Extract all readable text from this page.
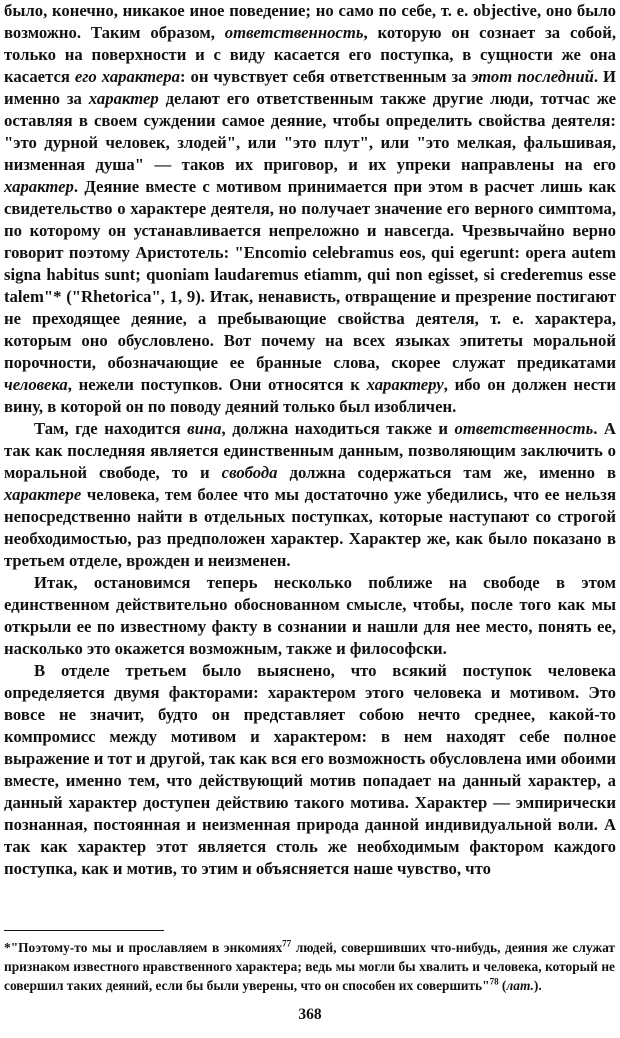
было, конечно, никакое иное поведение; но само по себе, т. е. objective, оно было возможно. Таким образом, ответственность, которую он сознает за собой, только на поверхности и с виду касается его поступка, в сущности же она касается его характера: он чувствует себя ответственным за этот последний. И именно за характер делают его ответственным также другие люди, тотчас же оставляя в своем суждении самое деяние, чтобы определить свойства деятеля: "это дурной человек, злодей", или "это плут", или "это мелкая, фальшивая, низменная душа" — таков их приговор, и их упреки направлены на его характер. Деяние вместе с мотивом принимается при этом в расчет лишь как свидетельство о характере деятеля, но получает значение его верного симптома, по которому он устанавливается непреложно и навсегда. Чрезвычайно верно говорит поэтому Аристотель: "Encomio celebramus eos, qui egerunt: opera autem signa habitus sunt; quoniam laudaremus etiamm, qui non egisset, si crederemus esse talem"* ("Rhetorica", 1, 9). Итак, ненависть, отвращение и презрение постигают не преходящее деяние, а пребывающие свойства деятеля, т. е. характера, которым оно обусловлено. Вот почему на всех языках эпитеты моральной порочности, обозначающие ее бранные слова, скорее служат предикатами человека, нежели поступков. Они относятся к характеру, ибо он должен нести вину, в которой он по поводу деяний только был изобличен.

Там, где находится вина, должна находиться также и ответственность. А так как последняя является единственным данным, позволяющим заключить о моральной свободе, то и свобода должна содержаться там же, именно в характере человека, тем более что мы достаточно уже убедились, что ее нельзя непосредственно найти в отдельных поступках, которые наступают со строгой необходимостью, раз предположен характер. Характер же, как было показано в третьем отделе, врожден и неизменен.

Итак, остановимся теперь несколько поближе на свободе в этом единственном действительно обоснованном смысле, чтобы, после того как мы открыли ее по известному факту в сознании и нашли для нее место, понять ее, насколько это окажется возможным, также и философски.

В отделе третьем было выяснено, что всякий поступок человека определяется двумя факторами: характером этого человека и мотивом. Это вовсе не значит, будто он представляет собою нечто среднее, какой-то компромисс между мотивом и характером: в нем находят себе полное выражение и тот и другой, так как вся его возможность обусловлена ими обоими вместе, именно тем, что действующий мотив попадает на данный характер, а данный характер доступен действию такого мотива. Характер — эмпирически познанная, постоянная и неизменная природа данной индивидуальной воли. А так как характер этот является столь же необходимым фактором каждого поступка, как и мотив, то этим и объясняется наше чувство, что

*"Поэтому-то мы и прославляем в энкомиях$^{77}$ людей, совершивших что-нибудь, деяния же служат признаком известного нравственного характера; ведь мы могли бы хвалить и человека, который не совершил таких деяний, если бы были уверены, что он способен их совершить"$^{78}$ (лат.).

368
